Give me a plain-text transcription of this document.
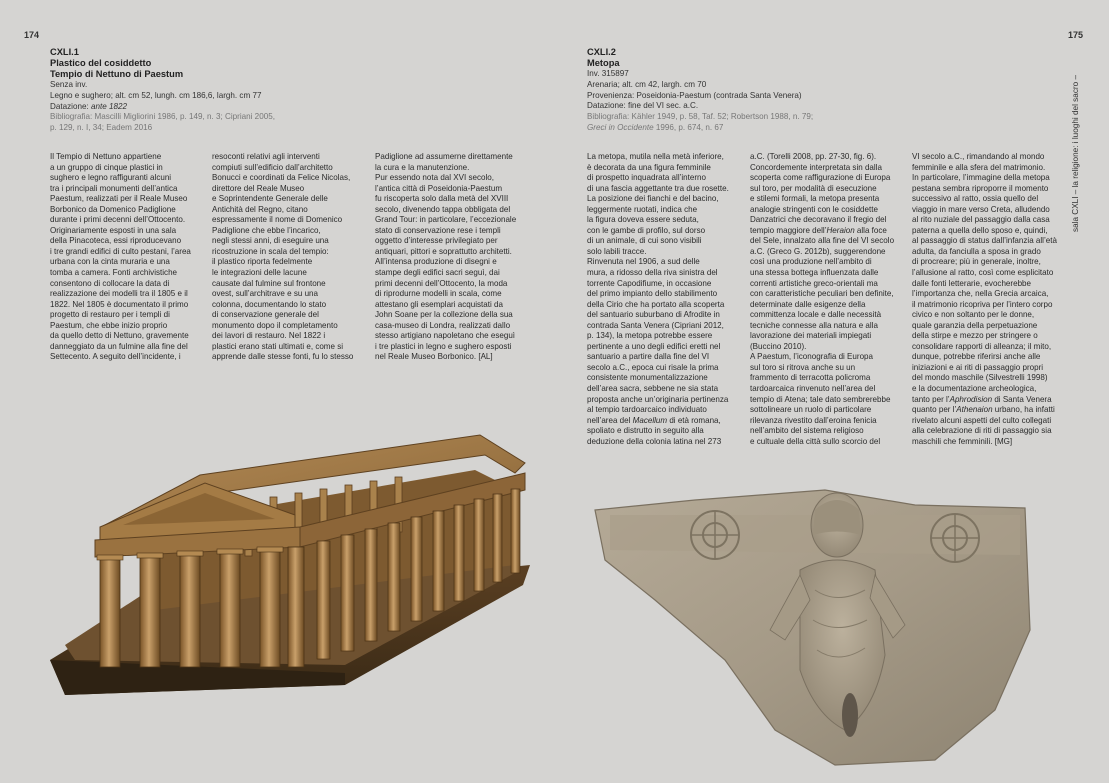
174	175
sala CXLI – la religione: i luoghi del sacro –
CXLI.1
Plastico del cosiddetto
Tempio di Nettuno di Paestum
Senza inv.
Legno e sughero; alt. cm 52, lungh. cm 186,6, largh. cm 77
Datazione: ante 1822
Bibliografia: Mascilli Migliorini 1986, p. 149, n. 3; Cipriani 2005,
p. 129, n. I, 34; Eadem 2016
CXLI.2
Metopa
Inv. 315897
Arenaria; alt. cm 42, largh. cm 70
Provenienza: Poseidonia-Paestum (contrada Santa Venera)
Datazione: fine del VI sec. a.C.
Bibliografia: Kähler 1949, p. 58, Taf. 52; Robertson 1988, n. 79;
Greci in Occidente 1996, p. 674, n. 67

Il Tempio di Nettuno appartiene

a un gruppo di cinque plastici in

sughero e legno raffiguranti alcuni

tra i principali monumenti dell’antica

Paestum, realizzati per il Reale Museo

Borbonico da Domenico Padiglione

durante i primi decenni dell’Ottocento.

Originariamente esposti in una sala

della Pinacoteca, essi riproducevano

i tre grandi edifici di culto pestani, l’area

urbana con la cinta muraria e una

tomba a camera. Fonti archivistiche

consentono di collocare la data di

realizzazione dei modelli tra il 1805 e il

1822. Nel 1805 è documentato il primo

progetto di restauro per i templi di

Paestum, che ebbe inizio proprio

da quello detto di Nettuno, gravemente

danneggiato da un fulmine alla fine del

Settecento. A seguito dell’incidente, i

resoconti relativi agli interventi

compiuti sull’edificio dall’architetto

Bonucci e coordinati da Felice Nicolas,

direttore del Reale Museo

e Soprintendente Generale delle

Antichità del Regno, citano

espressamente il nome di Domenico

Padiglione che ebbe l’incarico,

negli stessi anni, di eseguire una

ricostruzione in scala del tempio:

il plastico riporta fedelmente

le integrazioni delle lacune

causate dal fulmine sul frontone

ovest, sull’architrave e su una

colonna, documentando lo stato

di conservazione generale del

monumento dopo il completamento

dei lavori di restauro. Nel 1822 i

plastici erano stati ultimati e, come si

apprende dalle stesse fonti, fu lo stesso

Padiglione ad assumerne direttamente

la cura e la manutenzione.

Pur essendo nota dal XVI secolo,

l’antica città di Poseidonia-Paestum

fu riscoperta solo dalla metà del XVIII

secolo, divenendo tappa obbligata del

Grand Tour: in particolare, l’eccezionale

stato di conservazione rese i templi

oggetto d’interesse privilegiato per

antiquari, pittori e soprattutto architetti.

All’intensa produzione di disegni e

stampe degli edifici sacri seguì, dai

primi decenni dell’Ottocento, la moda

di riprodurne modelli in scala, come

attestano gli esemplari acquistati da

John Soane per la collezione della sua

casa-museo di Londra, realizzati dallo

stesso artigiano napoletano che eseguì

i tre plastici in legno e sughero esposti

nel Reale Museo Borbonico. [AL]

La metopa, mutila nella metà inferiore,

è decorata da una figura femminile

di prospetto inquadrata all’interno

di una fascia aggettante tra due rosette.

La posizione dei fianchi e del bacino,

leggermente ruotati, indica che

la figura doveva essere seduta,

con le gambe di profilo, sul dorso

di un animale, di cui sono visibili

solo labili tracce.

Rinvenuta nel 1906, a sud delle

mura, a ridosso della riva sinistra del

torrente Capodifiume, in occasione

del primo impianto dello stabilimento

della Cirio che ha portato alla scoperta

del santuario suburbano di Afrodite in

contrada Santa Venera (Cipriani 2012,

p. 134), la metopa potrebbe essere

pertinente a uno degli edifici eretti nel

santuario a partire dalla fine del VI

secolo a.C., epoca cui risale la prima

consistente monumentalizzazione

dell’area sacra, sebbene ne sia stata

proposta anche un’originaria pertinenza

al tempio tardoarcaico individuato

nell’area del Macellum di età romana,

spoliato e distrutto in seguito alla

deduzione della colonia latina nel 273

a.C. (Torelli 2008, pp. 27-30, fig. 6).

Concordemente interpretata sin dalla

scoperta come raffigurazione di Europa

sul toro, per modalità di esecuzione

e stilemi formali, la metopa presenta

analogie stringenti con le cosiddette

Danzatrici che decoravano il fregio del

tempio maggiore dell’Heraion alla foce

del Sele, innalzato alla fine del VI secolo

a.C. (Greco G. 2012b), suggerendone

così una produzione nell’ambito di

una stessa bottega influenzata dalle

correnti artistiche greco-orientali ma

con caratteristiche peculiari ben definite,

determinate dalle esigenze della

committenza locale e dalle necessità

tecniche connesse alla natura e alla

lavorazione dei materiali impiegati

(Buccino 2010).

A Paestum, l’iconografia di Europa

sul toro si ritrova anche su un

frammento di terracotta policroma

tardoarcaica rinvenuto nell’area del

tempio di Atena; tale dato sembrerebbe

sottolineare un ruolo di particolare

rilevanza rivestito dall’eroina fenicia

nell’ambito del sistema religioso

e cultuale della città sullo scorcio del

VI secolo a.C., rimandando al mondo

femminile e alla sfera del matrimonio.

In particolare, l’immagine della metopa

pestana sembra riproporre il momento

successivo al ratto, ossia quello del

viaggio in mare verso Creta, alludendo

al rito nuziale del passaggio dalla casa

paterna a quella dello sposo e, quindi,

al passaggio di status dall’infanzia all’età

adulta, da fanciulla a sposa in grado

di procreare; più in generale, inoltre,

l’allusione al ratto, così come esplicitato

dalle fonti letterarie, evocherebbe

l’importanza che, nella Grecia arcaica,

il matrimonio ricopriva per l’intero corpo

civico e non soltanto per le donne,

quale garanzia della perpetuazione

della stirpe e mezzo per stringere o

consolidare rapporti di alleanza; il mito,

dunque, potrebbe riferirsi anche alle

iniziazioni e ai riti di passaggio propri

del mondo maschile (Silvestrelli 1998)

e la documentazione archeologica,

tanto per l’Aphrodision di Santa Venera

quanto per l’Athenaion urbano, ha infatti

rivelato alcuni aspetti del culto collegati

alla celebrazione di riti di passaggio sia

maschili che femminili. [MG]
